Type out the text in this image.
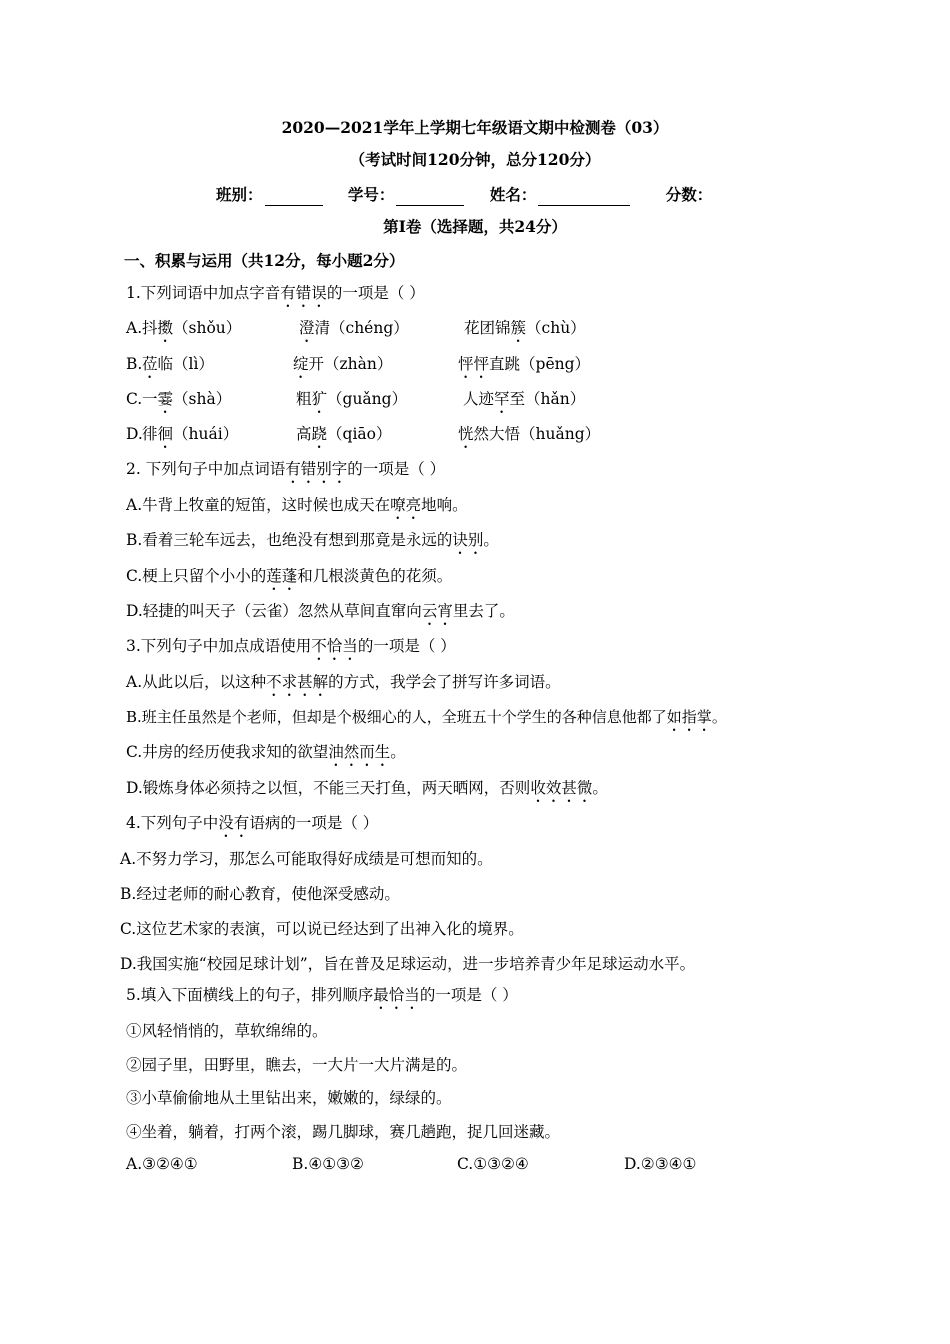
2020—2021学年上学期七年级语文期中检测卷（03）
（考试时间120分钟，总分120分）
班别：	学号：	姓名：	分数：
第Ⅰ卷（选择题，共24分）
一、积累与运用（共12分，每小题2分）
1.下列词语中加点字音有错误的一项是（ ）
A. 抖擞（shǒu）	澄清（chéng）	花团锦簇（chù）
B. 莅临（lì）	绽开（zhàn）	怦怦直跳（pēng）
C. 一霎（shà）	粗犷（guǎng）	人迹罕至（hǎn）
D. 徘徊（huái）	高跷（qiāo）	恍然大悟（huǎng）
2. 下列句子中加点词语有错别字的一项是（ ）
A.牛背上牧童的短笛，这时候也成天在嘹亮地响。
B.看着三轮车远去，也绝没有想到那竟是永远的诀别。
C.梗上只留个小小的莲蓬和几根淡黄色的花须。
D.轻捷的叫天子（云雀）忽然从草间直窜向云宵里去了。
3.下列句子中加点成语使用不恰当的一项是（ ）
A.从此以后，以这种不求甚解的方式，我学会了拼写许多词语。
B.班主任虽然是个老师，但却是个极细心的人，全班五十个学生的各种信息他都了如指掌。
C.井房的经历使我求知的欲望油然而生。
D.锻炼身体必须持之以恒，不能三天打鱼，两天晒网，否则收效甚微。
4.下列句子中没有语病的一项是（ ）
A.不努力学习，那怎么可能取得好成绩是可想而知的。
B.经过老师的耐心教育，使他深受感动。
C.这位艺术家的表演，可以说已经达到了出神入化的境界。
D.我国实施“校园足球计划”，旨在普及足球运动，进一步培养青少年足球运动水平。
5.填入下面横线上的句子，排列顺序最恰当的一项是（ ）
①风轻悄悄的，草软绵绵的。
②园子里，田野里，瞧去，一大片一大片满是的。
③小草偷偷地从土里钻出来，嫩嫩的，绿绿的。
④坐着，躺着，打两个滚，踢几脚球，赛几趟跑，捉几回迷藏。
A.③②④①	B.④①③②	C.①③②④	D.②③④①
